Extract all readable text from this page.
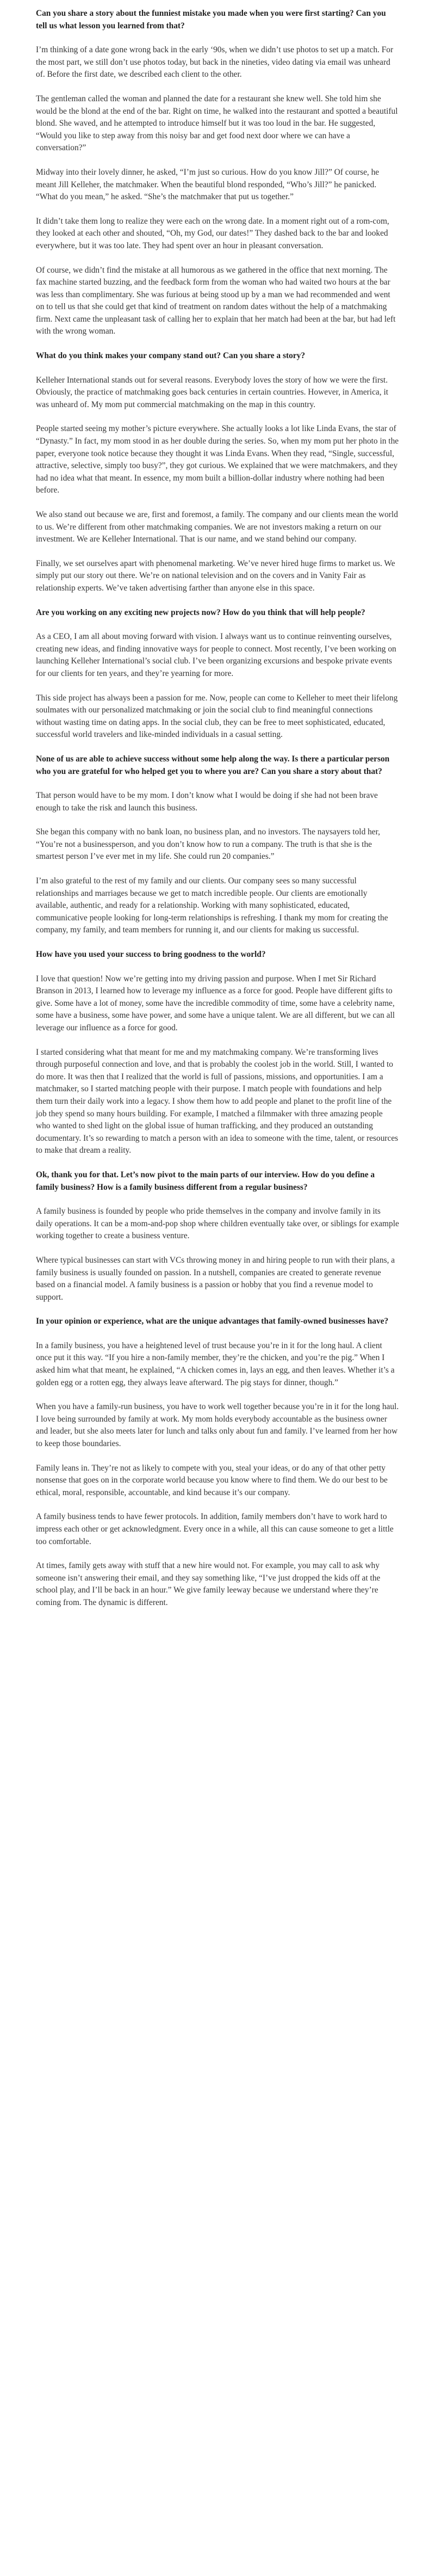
Can you share a story about the funniest mistake you made when you were first starting? Can you tell us what lesson you learned from that?

I’m thinking of a date gone wrong back in the early ‘90s, when we didn’t use photos to set up a match. For the most part, we still don’t use photos today, but back in the nineties, video dating via email was unheard of. Before the first date, we described each client to the other.

The gentleman called the woman and planned the date for a restaurant she knew well. She told him she would be the blond at the end of the bar. Right on time, he walked into the restaurant and spotted a beautiful blond. She waved, and he attempted to introduce himself but it was too loud in the bar. He suggested, “Would you like to step away from this noisy bar and get food next door where we can have a conversation?”

Midway into their lovely dinner, he asked, “I’m just so curious. How do you know Jill?” Of course, he meant Jill Kelleher, the matchmaker. When the beautiful blond responded, “Who’s Jill?” he panicked. “What do you mean,” he asked. “She’s the matchmaker that put us together.”

It didn’t take them long to realize they were each on the wrong date. In a moment right out of a rom-com, they looked at each other and shouted, “Oh, my God, our dates!” They dashed back to the bar and looked everywhere, but it was too late. They had spent over an hour in pleasant conversation.

Of course, we didn’t find the mistake at all humorous as we gathered in the office that next morning. The fax machine started buzzing, and the feedback form from the woman who had waited two hours at the bar was less than complimentary. She was furious at being stood up by a man we had recommended and went on to tell us that she could get that kind of treatment on random dates without the help of a matchmaking firm. Next came the unpleasant task of calling her to explain that her match had been at the bar, but had left with the wrong woman.

What do you think makes your company stand out? Can you share a story?

Kelleher International stands out for several reasons. Everybody loves the story of how we were the first. Obviously, the practice of matchmaking goes back centuries in certain countries. However, in America, it was unheard of. My mom put commercial matchmaking on the map in this country.

People started seeing my mother’s picture everywhere. She actually looks a lot like Linda Evans, the star of “Dynasty.” In fact, my mom stood in as her double during the series. So, when my mom put her photo in the paper, everyone took notice because they thought it was Linda Evans. When they read, “Single, successful, attractive, selective, simply too busy?”, they got curious. We explained that we were matchmakers, and they had no idea what that meant. In essence, my mom built a billion-dollar industry where nothing had been before.

We also stand out because we are, first and foremost, a family. The company and our clients mean the world to us. We’re different from other matchmaking companies. We are not investors making a return on our investment. We are Kelleher International. That is our name, and we stand behind our company.

Finally, we set ourselves apart with phenomenal marketing. We’ve never hired huge firms to market us. We simply put our story out there. We’re on national television and on the covers and in Vanity Fair as relationship experts. We’ve taken advertising farther than anyone else in this space.

Are you working on any exciting new projects now? How do you think that will help people?

As a CEO, I am all about moving forward with vision. I always want us to continue reinventing ourselves, creating new ideas, and finding innovative ways for people to connect. Most recently, I’ve been working on launching Kelleher International’s social club. I’ve been organizing excursions and bespoke private events for our clients for ten years, and they’re yearning for more.

This side project has always been a passion for me. Now, people can come to Kelleher to meet their lifelong soulmates with our personalized matchmaking or join the social club to find meaningful connections without wasting time on dating apps. In the social club, they can be free to meet sophisticated, educated, successful world travelers and like-minded individuals in a casual setting.

None of us are able to achieve success without some help along the way. Is there a particular person who you are grateful for who helped get you to where you are? Can you share a story about that?

That person would have to be my mom. I don’t know what I would be doing if she had not been brave enough to take the risk and launch this business.

She began this company with no bank loan, no business plan, and no investors. The naysayers told her, “You’re not a businessperson, and you don’t know how to run a company. The truth is that she is the smartest person I’ve ever met in my life. She could run 20 companies.”

I’m also grateful to the rest of my family and our clients. Our company sees so many successful relationships and marriages because we get to match incredible people. Our clients are emotionally available, authentic, and ready for a relationship. Working with many sophisticated, educated, communicative people looking for long-term relationships is refreshing. I thank my mom for creating the company, my family, and team members for running it, and our clients for making us successful.

How have you used your success to bring goodness to the world?

I love that question! Now we’re getting into my driving passion and purpose. When I met Sir Richard Branson in 2013, I learned how to leverage my influence as a force for good. People have different gifts to give. Some have a lot of money, some have the incredible commodity of time, some have a celebrity name, some have a business, some have power, and some have a unique talent. We are all different, but we can all leverage our influence as a force for good.

I started considering what that meant for me and my matchmaking company. We’re transforming lives through purposeful connection and love, and that is probably the coolest job in the world. Still, I wanted to do more. It was then that I realized that the world is full of passions, missions, and opportunities. I am a matchmaker, so I started matching people with their purpose. I match people with foundations and help them turn their daily work into a legacy. I show them how to add people and planet to the profit line of the job they spend so many hours building. For example, I matched a filmmaker with three amazing people who wanted to shed light on the global issue of human trafficking, and they produced an outstanding documentary. It’s so rewarding to match a person with an idea to someone with the time, talent, or resources to make that dream a reality.

Ok, thank you for that. Let’s now pivot to the main parts of our interview. How do you define a family business? How is a family business different from a regular business?

A family business is founded by people who pride themselves in the company and involve family in its daily operations. It can be a mom-and-pop shop where children eventually take over, or siblings for example working together to create a business venture.

Where typical businesses can start with VCs throwing money in and hiring people to run with their plans, a family business is usually founded on passion. In a nutshell, companies are created to generate revenue based on a financial model. A family business is a passion or hobby that you find a revenue model to support.

In your opinion or experience, what are the unique advantages that family-owned businesses have?

In a family business, you have a heightened level of trust because you’re in it for the long haul. A client once put it this way. “If you hire a non-family member, they’re the chicken, and you’re the pig.” When I asked him what that meant, he explained, “A chicken comes in, lays an egg, and then leaves. Whether it’s a golden egg or a rotten egg, they always leave afterward. The pig stays for dinner, though.”

When you have a family-run business, you have to work well together because you’re in it for the long haul. I love being surrounded by family at work. My mom holds everybody accountable as the business owner and leader, but she also meets later for lunch and talks only about fun and family. I’ve learned from her how to keep those boundaries.

Family leans in. They’re not as likely to compete with you, steal your ideas, or do any of that other petty nonsense that goes on in the corporate world because you know where to find them. We do our best to be ethical, moral, responsible, accountable, and kind because it’s our company.

A family business tends to have fewer protocols. In addition, family members don’t have to work hard to impress each other or get acknowledgment. Every once in a while, all this can cause someone to get a little too comfortable.

At times, family gets away with stuff that a new hire would not. For example, you may call to ask why someone isn’t answering their email, and they say something like, “I’ve just dropped the kids off at the school play, and I’ll be back in an hour.” We give family leeway because we understand where they’re coming from. The dynamic is different.
